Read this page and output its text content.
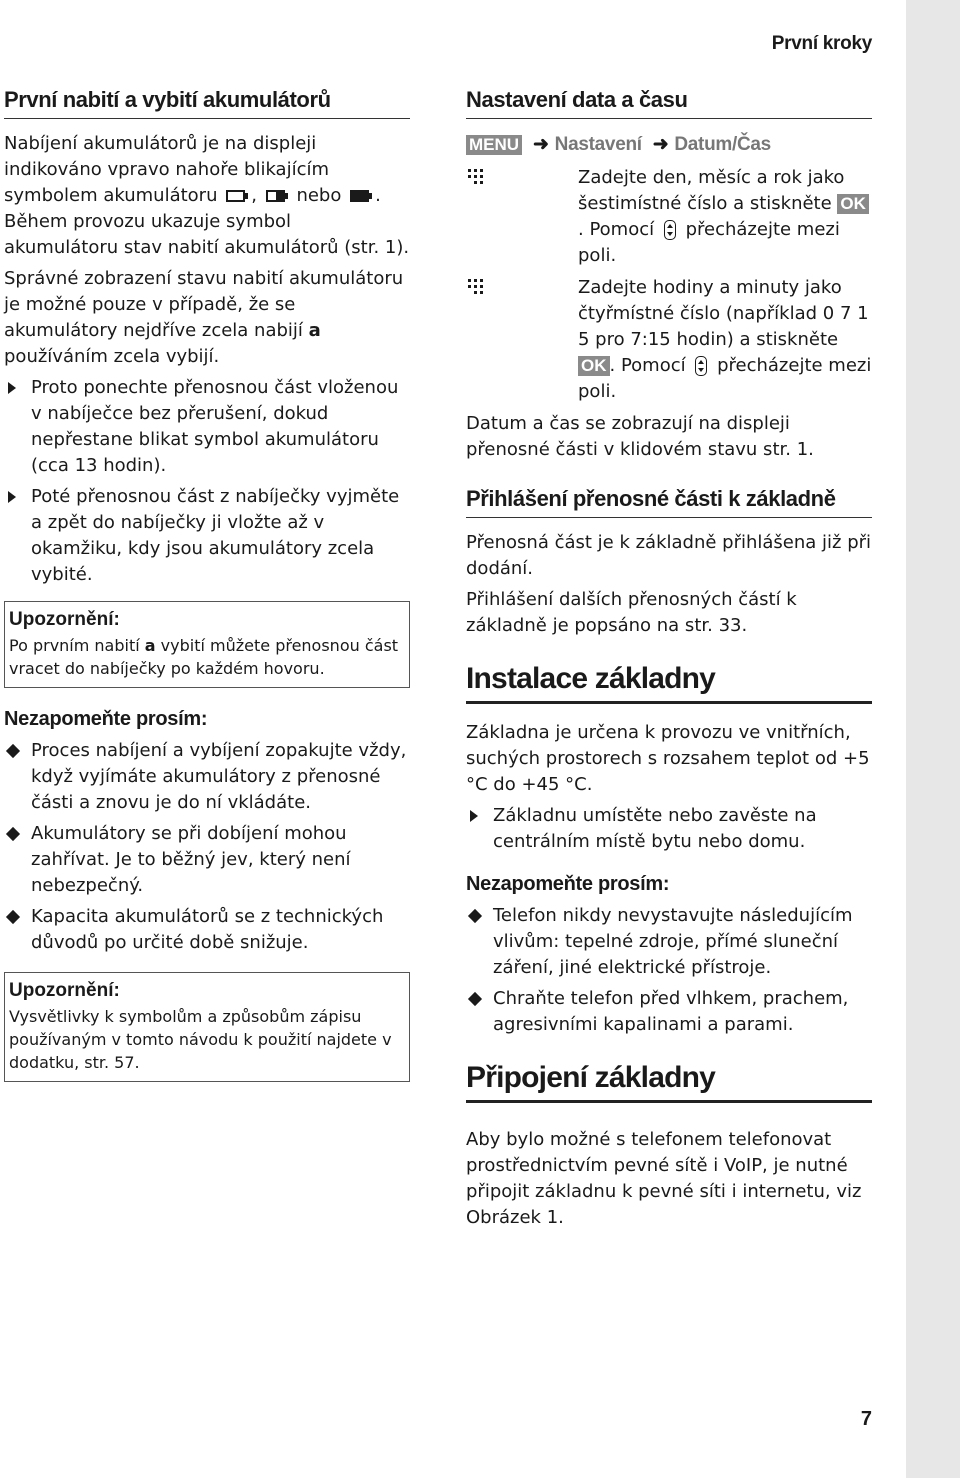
První kroky
První nabití a vybití akumulátorů
Nabíjení akumulátorů je na displeji indikováno vpravo nahoře blikajícím symbolem akumulátoru , nebo . Během provozu ukazuje symbol akumulátoru stav nabití akumulátorů (str. 1).
Správné zobrazení stavu nabití akumulátoru je možné pouze v případě, že se akumulátory nejdříve zcela nabijí a používáním zcela vybijí.
Proto ponechte přenosnou část vloženou v nabíječce bez přerušení, dokud nepřestane blikat symbol akumulátoru (cca 13 hodin).
Poté přenosnou část z nabíječky vyjměte a zpět do nabíječky ji vložte až v okamžiku, kdy jsou akumulátory zcela vybité.
Upozornění:
Po prvním nabití a vybití můžete přenosnou část vracet do nabíječky po každém hovoru.
Nezapomeňte prosím:
Proces nabíjení a vybíjení zopakujte vždy, když vyjímáte akumulátory z přenosné části a znovu je do ní vkládáte.
Akumulátory se při dobíjení mohou zahřívat. Je to běžný jev, který není nebezpečný.
Kapacita akumulátorů se z technických důvodů po určité době snižuje.
Upozornění:
Vysvětlivky k symbolům a způsobům zápisu používaným v tomto návodu k použití najdete v dodatku, str. 57.
Nastavení data a času
MENU ➜ Nastavení ➜ Datum/Čas
Zadejte den, měsíc a rok jako šestimístné číslo a stiskněte OK. Pomocí přecházejte mezi poli.
Zadejte hodiny a minuty jako čtyřmístné číslo (například 0 7 1 5 pro 7:15 hodin) a stiskněte OK . Pomocí přecházejte mezi poli.
Datum a čas se zobrazují na displeji přenosné části v klidovém stavu str. 1.
Přihlášení přenosné části k základně
Přenosná část je k základně přihlášena již při dodání.
Přihlášení dalších přenosných částí k základně je popsáno na str. 33.
Instalace základny
Základna je určena k provozu ve vnitřních, suchých prostorech s rozsahem teplot od +5 °C do +45 °C.
Základnu umístěte nebo zavěste na centrálním místě bytu nebo domu.
Nezapomeňte prosím:
Telefon nikdy nevystavujte následujícím vlivům: tepelné zdroje, přímé sluneční záření, jiné elektrické přístroje.
Chraňte telefon před vlhkem, prachem, agresivními kapalinami a parami.
Připojení základny
Aby bylo možné s telefonem telefonovat prostřednictvím pevné sítě i VoIP, je nutné připojit základnu k pevné síti i internetu, viz Obrázek 1.
7
